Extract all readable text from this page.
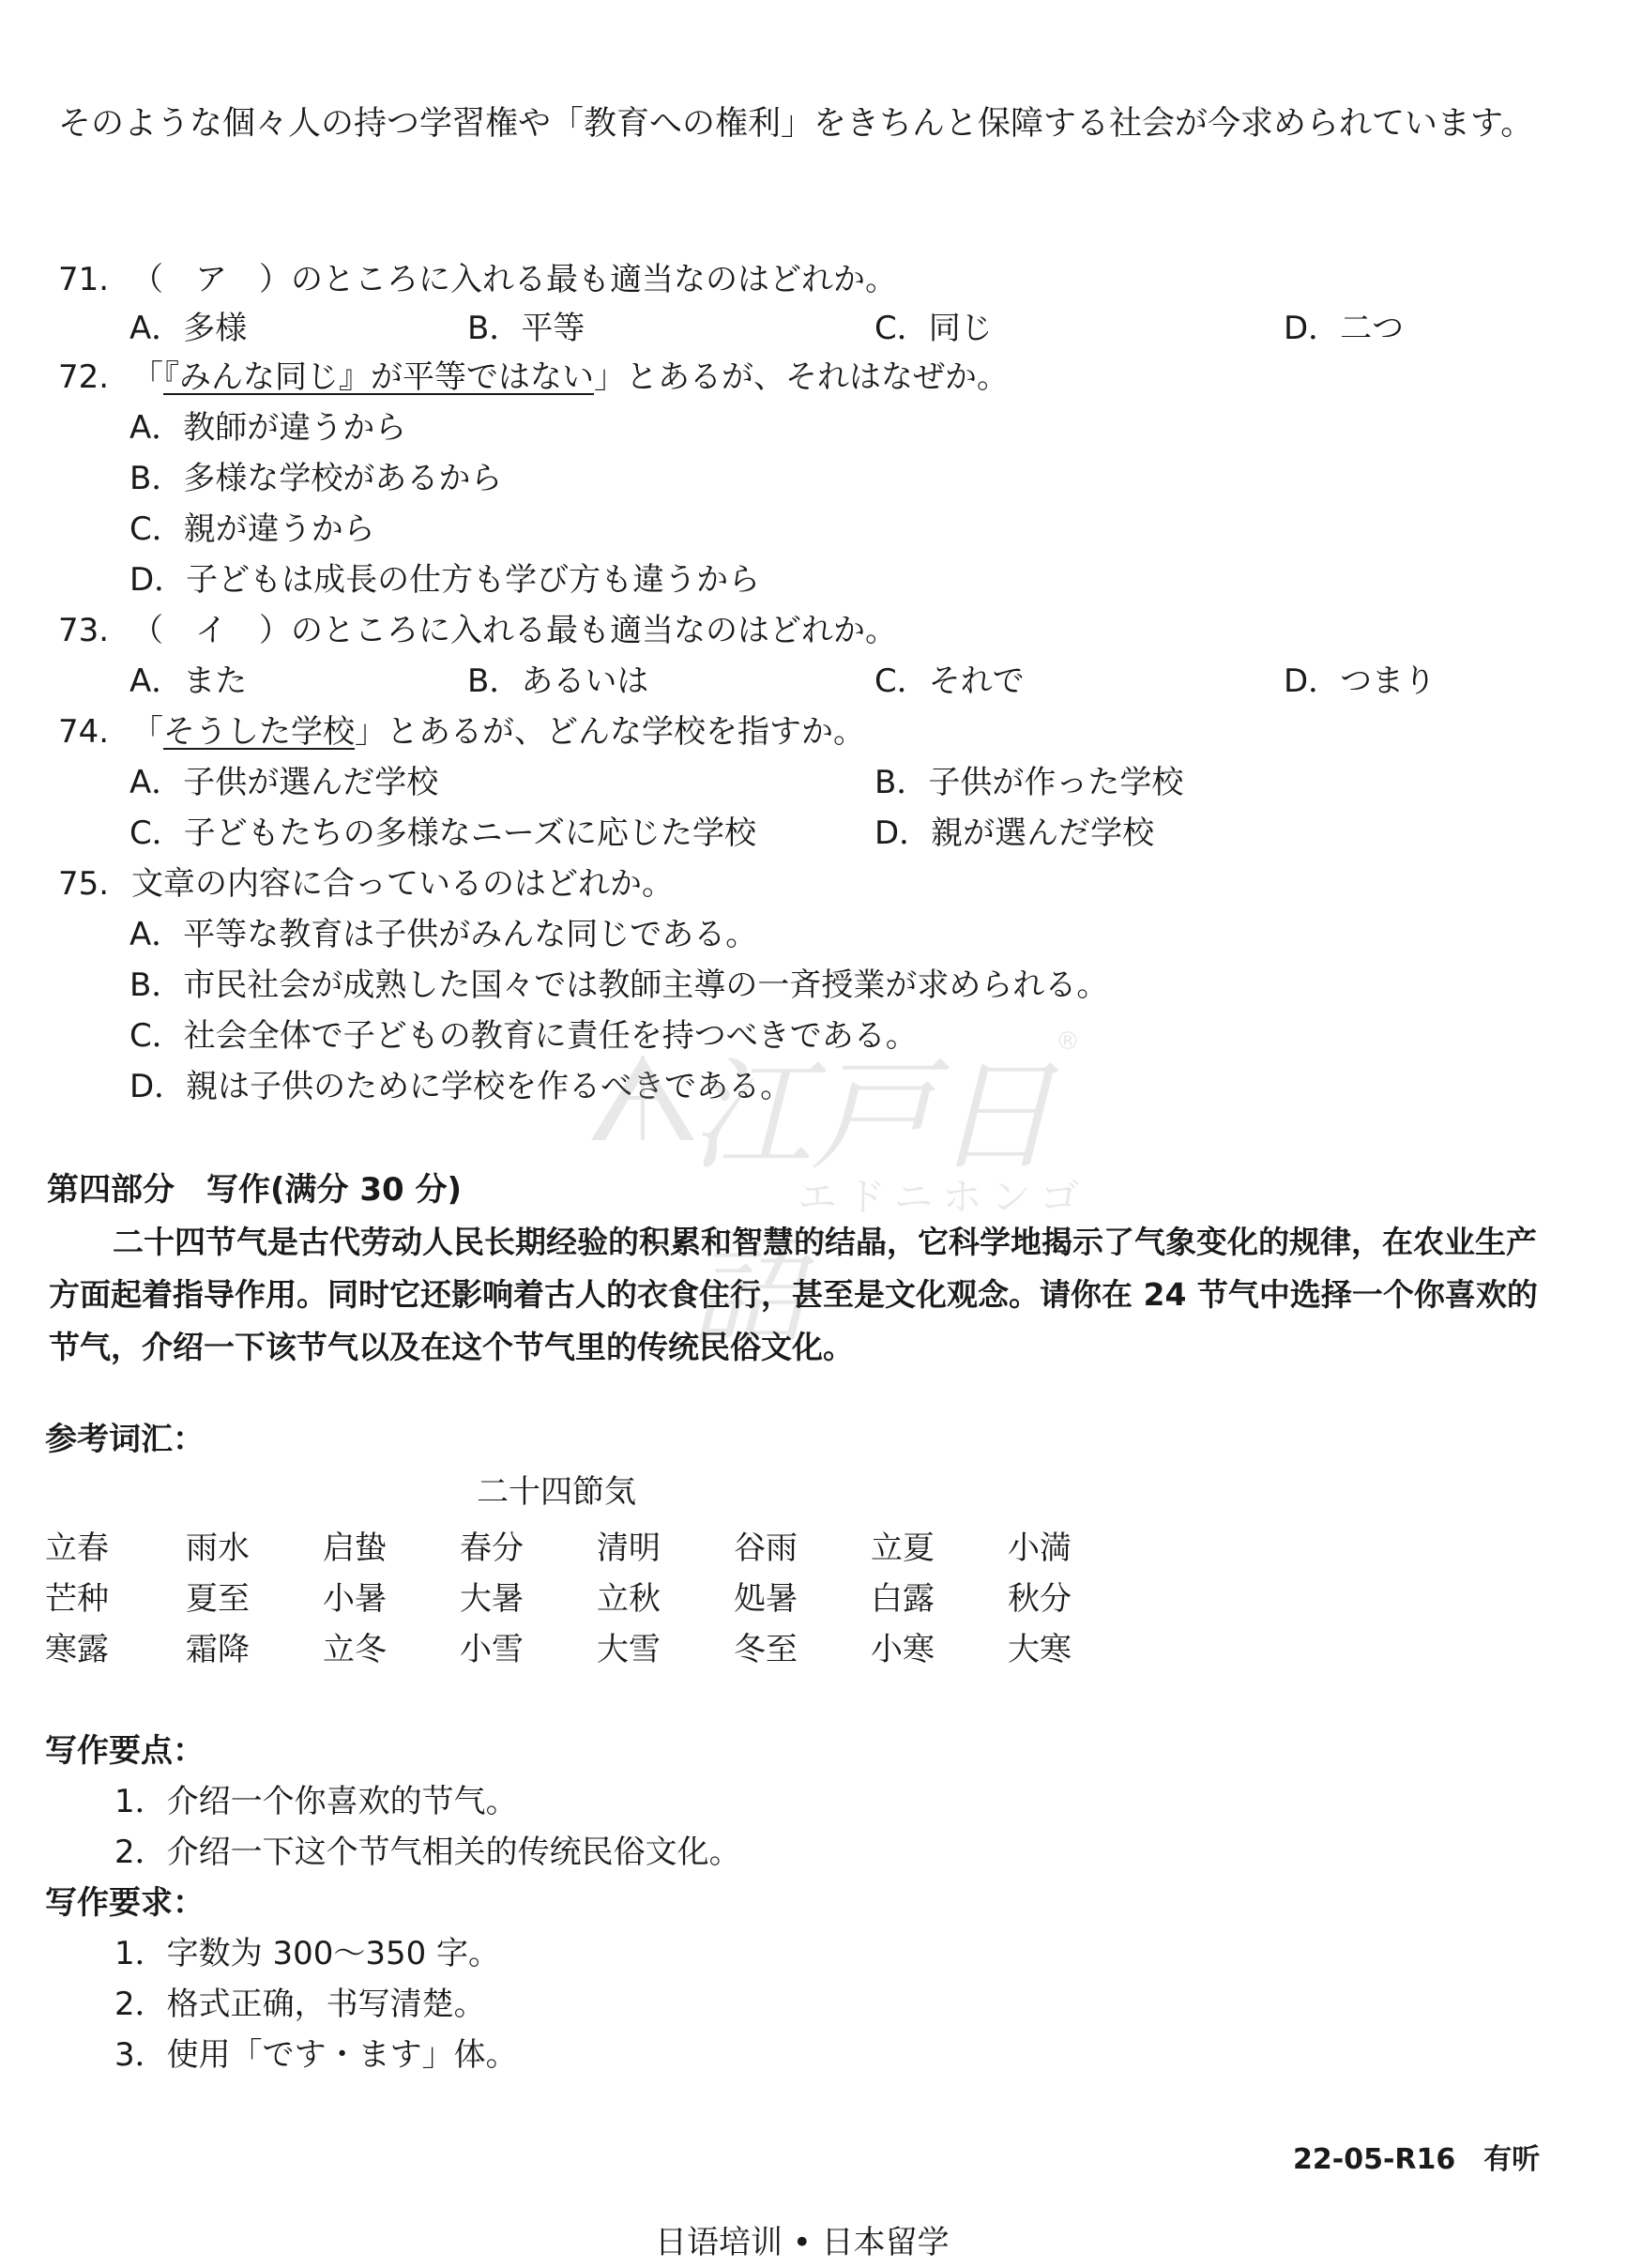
そのような個々人の持つ学習権や「教育への権利」をきちんと保障する社会が今求められています。
71. （　ア　）のところに入れる最も適当なのはどれか。
A．多様	B．平等	C．同じ	D．二つ
72. 「『みんな同じ』が平等ではない」とあるが、それはなぜか。
A．教師が違うから
B．多様な学校があるから
C．親が違うから
D．子どもは成長の仕方も学び方も違うから
73. （　イ　）のところに入れる最も適当なのはどれか。
A．また	B．あるいは	C．それで	D．つまり
74. 「そうした学校」とあるが、どんな学校を指すか。
A．子供が選んだ学校	B．子供が作った学校
C．子どもたちの多様なニーズに応じた学校	D．親が選んだ学校
75. 文章の内容に合っているのはどれか。
A．平等な教育は子供がみんな同じである。
B．市民社会が成熟した国々では教師主導の一斉授業が求められる。
C．社会全体で子どもの教育に責任を持つべきである。
D．親は子供のために学校を作るべきである。
江戸日語
®
エドニホンゴ
第四部分　写作(满分 30 分)
二十四节气是古代劳动人民长期经验的积累和智慧的结晶，它科学地揭示了气象变化的规律，在农业生产方面起着指导作用。同时它还影响着古人的衣食住行，甚至是文化观念。请你在 24 节气中选择一个你喜欢的节气，介绍一下该节气以及在这个节气里的传统民俗文化。
参考词汇：
二十四節気
立春 雨水 启蛰 春分 清明 谷雨 立夏 小満
芒种 夏至 小暑 大暑 立秋 処暑 白露 秋分
寒露 霜降 立冬 小雪 大雪 冬至 小寒 大寒
写作要点：
1．介绍一个你喜欢的节气。
2．介绍一下这个节气相关的传统民俗文化。
写作要求：
1．字数为 300～350 字。
2．格式正确，书写清楚。
3．使用「です・ます」体。
22-05-R16　有听
日语培训 • 日本留学
